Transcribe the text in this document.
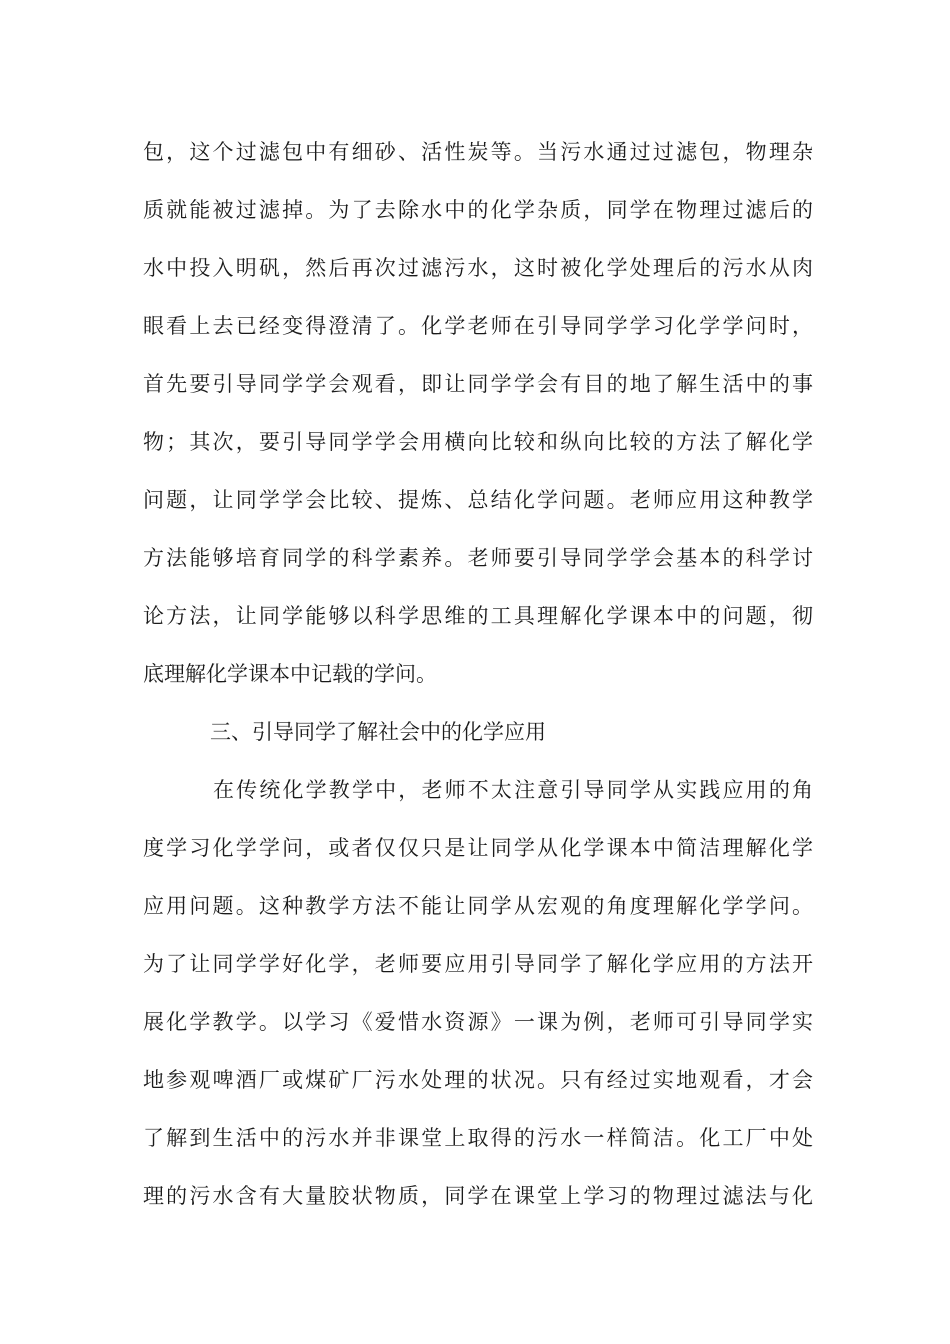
包，这个过滤包中有细砂、活性炭等。当污水通过过滤包，物理杂
质就能被过滤掉。为了去除水中的化学杂质，同学在物理过滤后的
水中投入明矾，然后再次过滤污水，这时被化学处理后的污水从肉
眼看上去已经变得澄清了。化学老师在引导同学学习化学学问时，
首先要引导同学学会观看，即让同学学会有目的地了解生活中的事
物；其次，要引导同学学会用横向比较和纵向比较的方法了解化学
问题，让同学学会比较、提炼、总结化学问题。老师应用这种教学
方法能够培育同学的科学素养。老师要引导同学学会基本的科学讨
论方法，让同学能够以科学思维的工具理解化学课本中的问题，彻
底理解化学课本中记载的学问。
三、引导同学了解社会中的化学应用
在传统化学教学中，老师不太注意引导同学从实践应用的角
度学习化学学问，或者仅仅只是让同学从化学课本中简洁理解化学
应用问题。这种教学方法不能让同学从宏观的角度理解化学学问。
为了让同学学好化学，老师要应用引导同学了解化学应用的方法开
展化学教学。以学习《爱惜水资源》一课为例，老师可引导同学实
地参观啤酒厂或煤矿厂污水处理的状况。只有经过实地观看，才会
了解到生活中的污水并非课堂上取得的污水一样简洁。化工厂中处
理的污水含有大量胶状物质，同学在课堂上学习的物理过滤法与化
